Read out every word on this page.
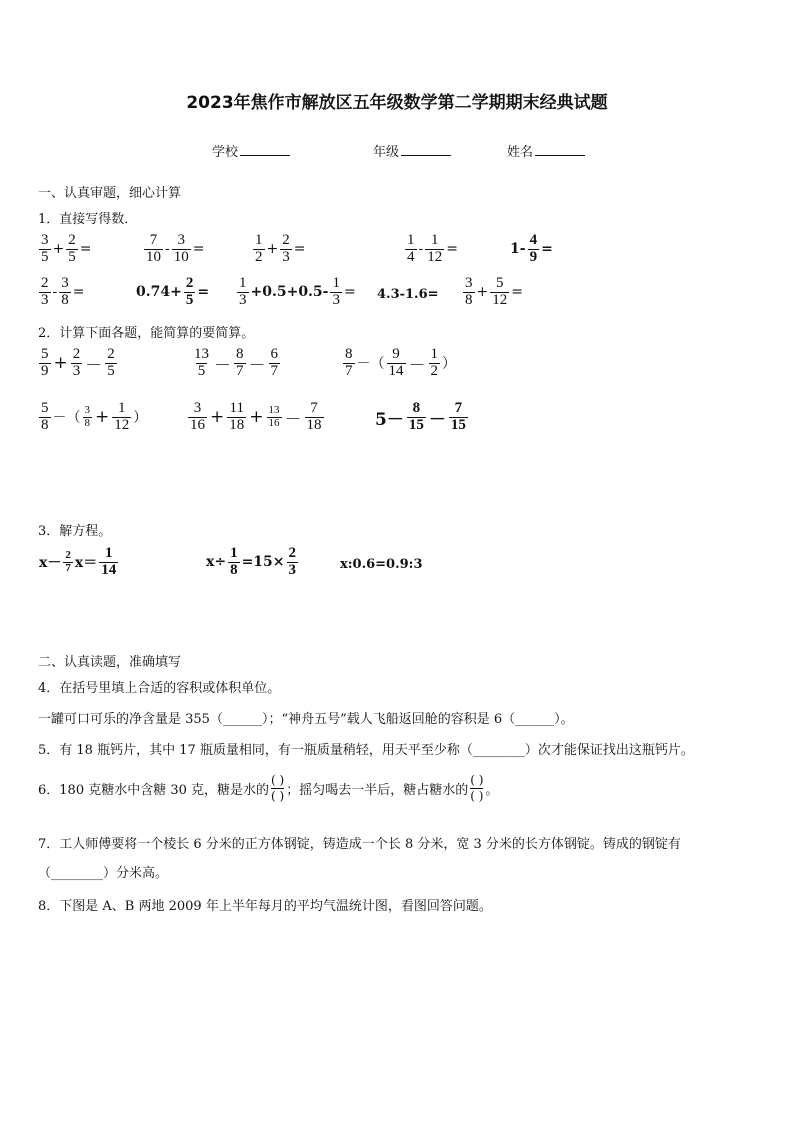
2023年焦作市解放区五年级数学第二学期期末经典试题
学校	年级	姓名
一、认真审题，细心计算
1．直接写得数．
$\frac{3}{5} + \frac{2}{5}$ =	$\frac{7}{10} - \frac{3}{10}$ =	$\frac{1}{2} + \frac{2}{3}$ =	$\frac{1}{4} - \frac{1}{12}$ =	$1- \frac{4}{9}$ =
$\frac{2}{3} - \frac{3}{8}$ =	$0.74+ \frac{2}{5} = \frac{1}{3} +0.5+0.5- \frac{1}{3} = 4.3-1.6= \frac{3}{8} + \frac{5}{12}$ =
2．计算下面各题，能简算的要简算。
$\frac{5}{9} + \frac{2}{3} - \frac{2}{5}$	$\frac{13}{5} - \frac{8}{7} - \frac{6}{7}$	$\frac{8}{7}$ －（ $\frac{9}{14} - \frac{1}{2}$ ）
$\frac{5}{8}$ －（ $\frac{3}{8} + \frac{1}{12}$ ）	$\frac{3}{16} + \frac{11}{18} + \frac{13}{16} - \frac{7}{18}$	$5- \frac{8}{15} - \frac{7}{15}$
3．解方程。
$x- \frac{2}{7} x= \frac{1}{14}$	$x\div \frac{1}{8} =15\times \frac{2}{3}$	x:0.6=0.9:3
二、认真读题，准确填写
4．在括号里填上合适的容积或体积单位。
一罐可口可乐的净含量是 355（______）；“神舟五号”载人飞船返回舱的容积是 6（______）。
5．有 18 瓶钙片，其中 17 瓶质量相同，有一瓶质量稍轻，用天平至少称（________）次才能保证找出这瓶钙片。
6．180 克糖水中含糖 30 克，糖是水的
( )
( ) ；摇匀喝去一半后，糖占糖水的
( )
( ) 。
7．工人师傅要将一个棱长 6 分米的正方体钢锭，铸造成一个长 8 分米，宽 3 分米的长方体钢锭。铸成的钢锭有
（________）分米高。
8．下图是 A、B 两地 2009 年上半年每月的平均气温统计图，看图回答问题。
